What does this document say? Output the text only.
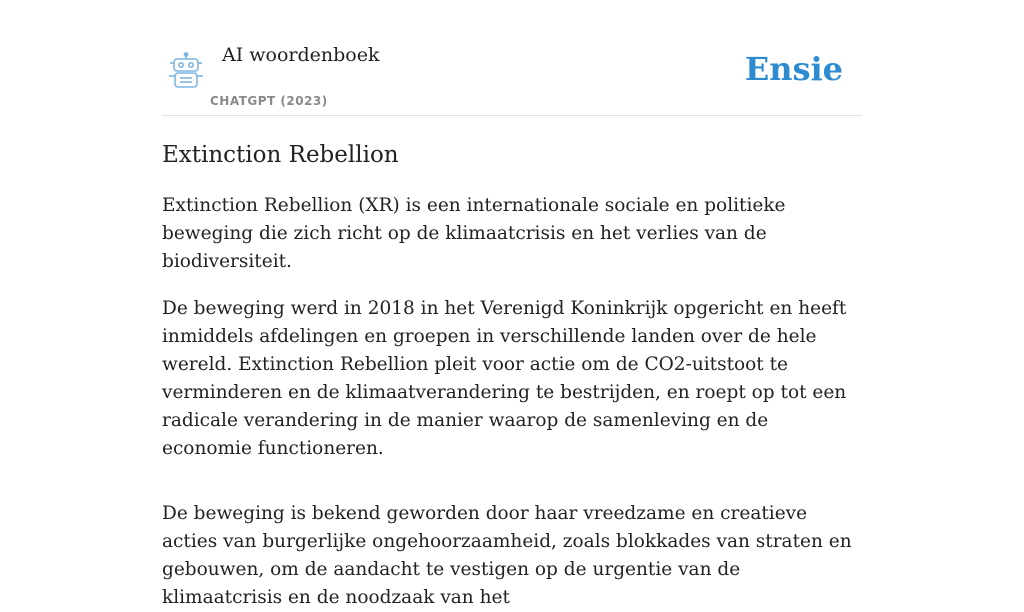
AI woordenboek
CHATGPT (2023)
Ensie
Extinction Rebellion

Extinction Rebellion (XR) is een internationale sociale en politieke beweging die zich richt op de klimaatcrisis en het verlies van de biodiversiteit.

De beweging werd in 2018 in het Verenigd Koninkrijk opgericht en heeft inmiddels afdelingen en groepen in verschillende landen over de hele wereld. Extinction Rebellion pleit voor actie om de CO2-uitstoot te verminderen en de klimaatverandering te bestrijden, en roept op tot een radicale verandering in de manier waarop de samenleving en de economie functioneren.

De beweging is bekend geworden door haar vreedzame en creatieve acties van burgerlijke ongehoorzaamheid, zoals blokkades van straten en gebouwen, om de aandacht te vestigen op de urgentie van de klimaatcrisis en de noodzaak van het
